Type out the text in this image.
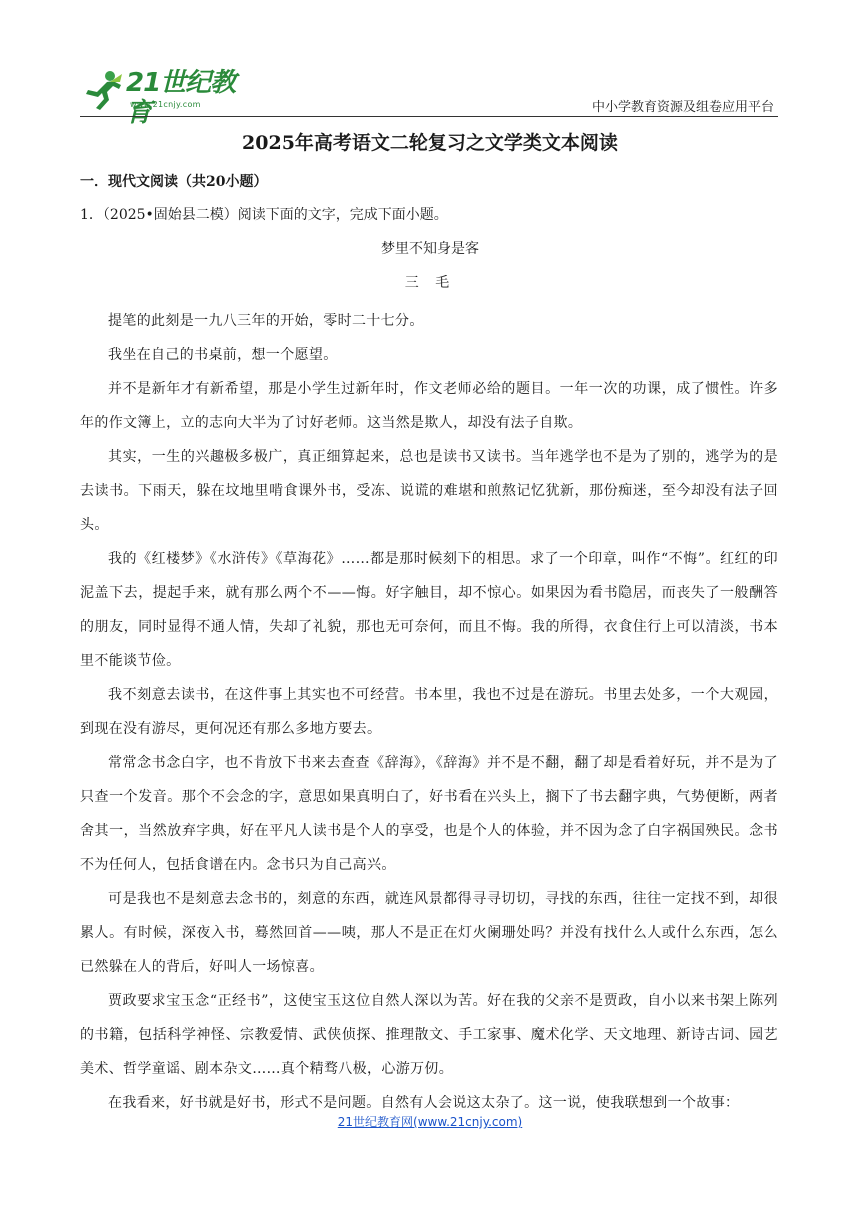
21世纪教育
www.21cnjy.com	中小学教育资源及组卷应用平台
2025年高考语文二轮复习之文学类文本阅读
一．现代文阅读（共20小题）
1．（2025•固始县二模）阅读下面的文字，完成下面小题。
梦里不知身是客
三 毛

提笔的此刻是一九八三年的开始，零时二十七分。

我坐在自己的书桌前，想一个愿望。

并不是新年才有新希望，那是小学生过新年时，作文老师必给的题目。一年一次的功课，成了惯性。许多年的作文簿上，立的志向大半为了讨好老师。这当然是欺人，却没有法子自欺。

其实，一生的兴趣极多极广，真正细算起来，总也是读书又读书。当年逃学也不是为了别的，逃学为的是去读书。下雨天，躲在坟地里啃食课外书，受冻、说谎的难堪和煎熬记忆犹新，那份痴迷，至今却没有法子回头。

我的《红楼梦》《水浒传》《草海花》……都是那时候刻下的相思。求了一个印章，叫作“不悔”。红红的印泥盖下去，提起手来，就有那么两个不——悔。好字触目，却不惊心。如果因为看书隐居，而丧失了一般酬答的朋友，同时显得不通人情，失却了礼貌，那也无可奈何，而且不悔。我的所得，衣食住行上可以清淡，书本里不能谈节俭。

我不刻意去读书，在这件事上其实也不可经营。书本里，我也不过是在游玩。书里去处多，一个大观园，到现在没有游尽，更何况还有那么多地方要去。

常常念书念白字，也不肯放下书来去查查《辞海》，《辞海》并不是不翻，翻了却是看着好玩，并不是为了只查一个发音。那个不会念的字，意思如果真明白了，好书看在兴头上，搁下了书去翻字典，气势便断，两者舍其一，当然放弃字典，好在平凡人读书是个人的享受，也是个人的体验，并不因为念了白字祸国殃民。念书不为任何人，包括食谱在内。念书只为自己高兴。

可是我也不是刻意去念书的，刻意的东西，就连风景都得寻寻切切，寻找的东西，往往一定找不到，却很累人。有时候，深夜入书，蓦然回首——咦，那人不是正在灯火阑珊处吗？并没有找什么人或什么东西，怎么已然躲在人的背后，好叫人一场惊喜。

贾政要求宝玉念“正经书”，这使宝玉这位自然人深以为苦。好在我的父亲不是贾政，自小以来书架上陈列的书籍，包括科学神怪、宗教爱情、武侠侦探、推理散文、手工家事、魔术化学、天文地理、新诗古词、园艺美术、哲学童谣、剧本杂文……真个精骛八极，心游万仞。

在我看来，好书就是好书，形式不是问题。自然有人会说这太杂了。这一说，使我联想到一个故事：

21世纪教育网(www.21cnjy.com)
